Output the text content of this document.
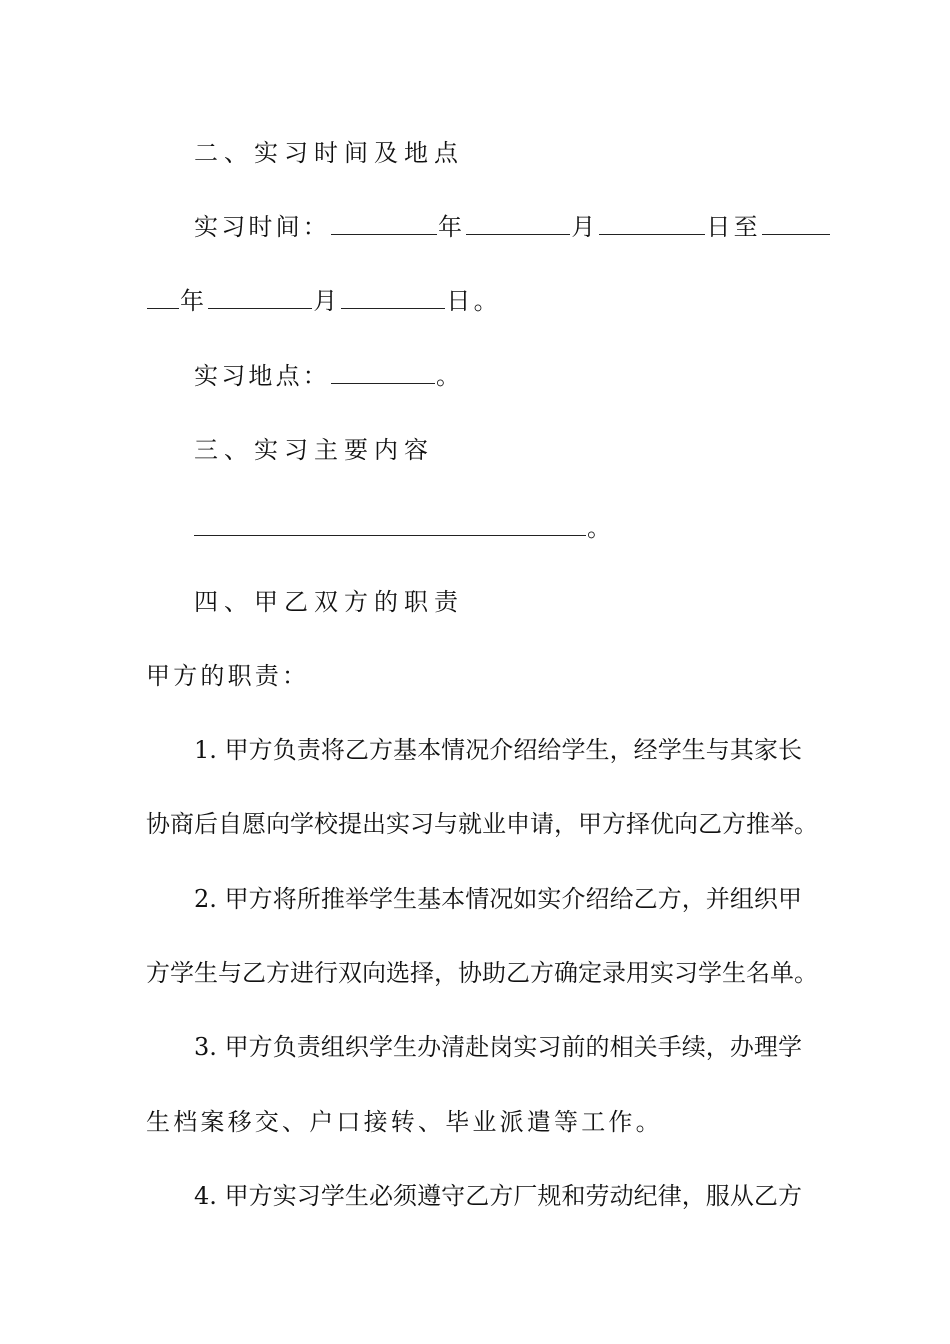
二、实习时间及地点
实习时间：	年	月	日至
年	月	日。
实习地点：	。
三、实习主要内容
。
四、甲乙双方的职责
甲方的职责：
1. 甲方负责将乙方基本情况介绍给学生，经学生与其家长
协商后自愿向学校提出实习与就业申请，甲方择优向乙方推举。
2. 甲方将所推举学生基本情况如实介绍给乙方，并组织甲
方学生与乙方进行双向选择，协助乙方确定录用实习学生名单。
3. 甲方负责组织学生办清赴岗实习前的相关手续，办理学
生档案移交、户口接转、毕业派遣等工作。
4. 甲方实习学生必须遵守乙方厂规和劳动纪律，服从乙方
